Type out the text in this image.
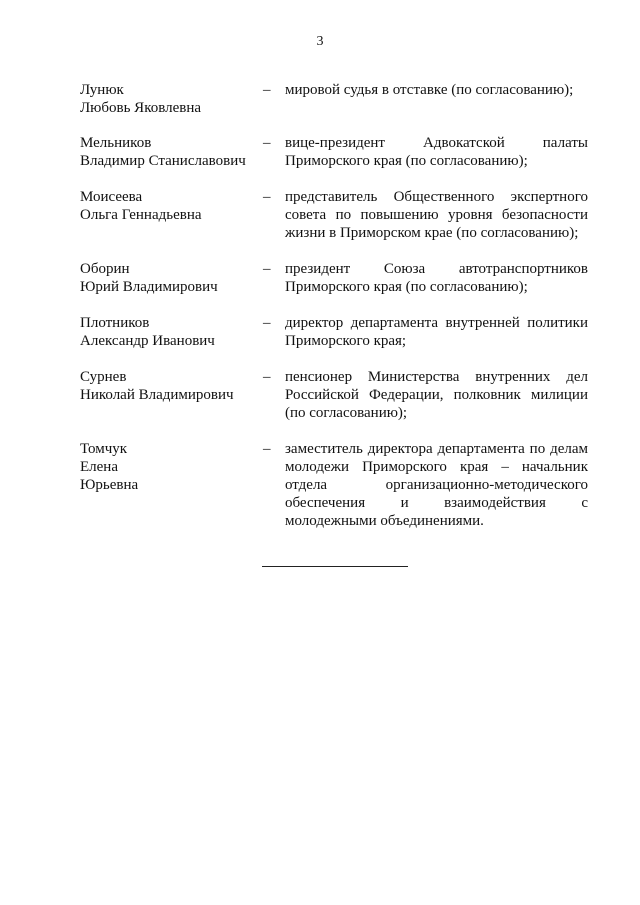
3
Лунюк
Любовь Яковлевна
– мировой судья в отставке (по согласованию);
Мельников
Владимир Станиславович
– вице-президент Адвокатской палаты
Приморского края (по согласованию);
Моисеева
Ольга Геннадьевна
– представитель Общественного экспертного
совета по повышению уровня безопасности
жизни в Приморском крае (по согласованию);
Оборин
Юрий Владимирович
– президент Союза автотранспортников
Приморского края (по согласованию);
Плотников
Александр Иванович
– директор департамента внутренней политики
Приморского края;
Сурнев
Николай Владимирович
– пенсионер Министерства внутренних дел
Российской Федерации, полковник милиции
(по согласованию);
Томчук
Елена
Юрьевна
– заместитель директора департамента по делам
молодежи Приморского края – начальник
отдела организационно-методического
обеспечения и взаимодействия с
молодежными объединениями.
